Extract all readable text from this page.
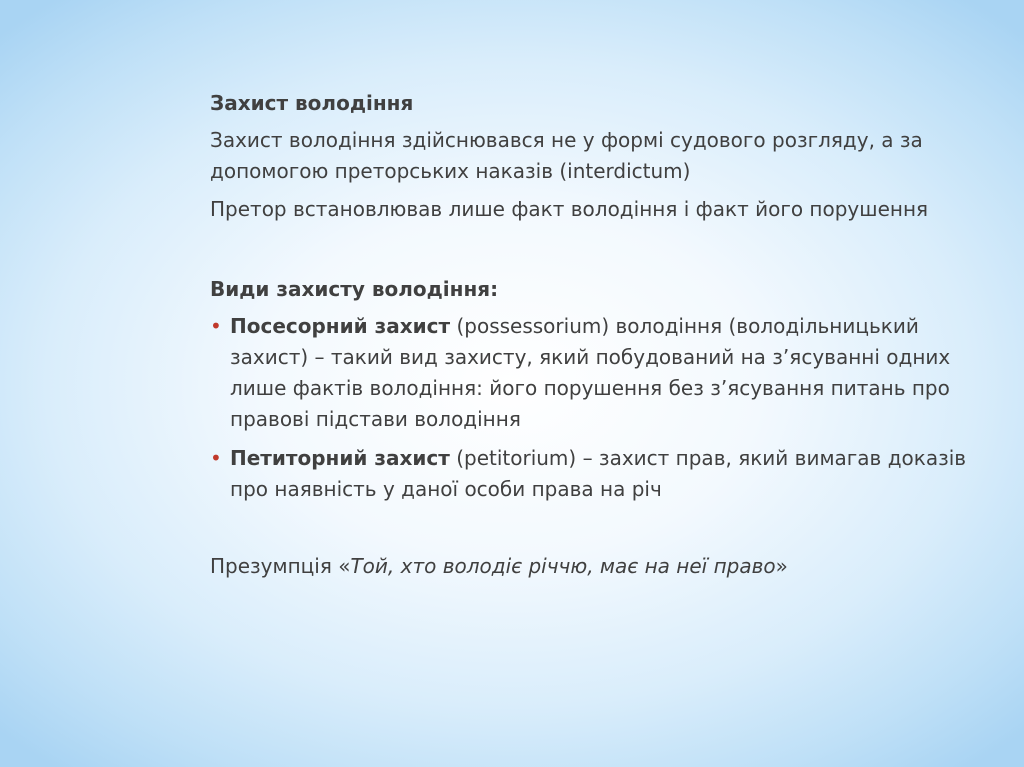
Захист володіння
Захист володіння здійснювався не у формі судового розгляду, а за допомогою преторських наказів (interdictum)
Претор встановлював лише факт володіння і факт його порушення
Види захисту володіння:
• Посесорний захист (possessorium) володіння (володільницький захист) – такий вид захисту, який побудований на з’ясуванні одних лише фактів володіння: його порушення без з’ясування питань про правові підстави володіння
• Петиторний захист (petitorium) – захист прав, який вимагав доказів про наявність у даної особи права на річ
Презумпція «Той, хто володіє річчю, має на неї право»
